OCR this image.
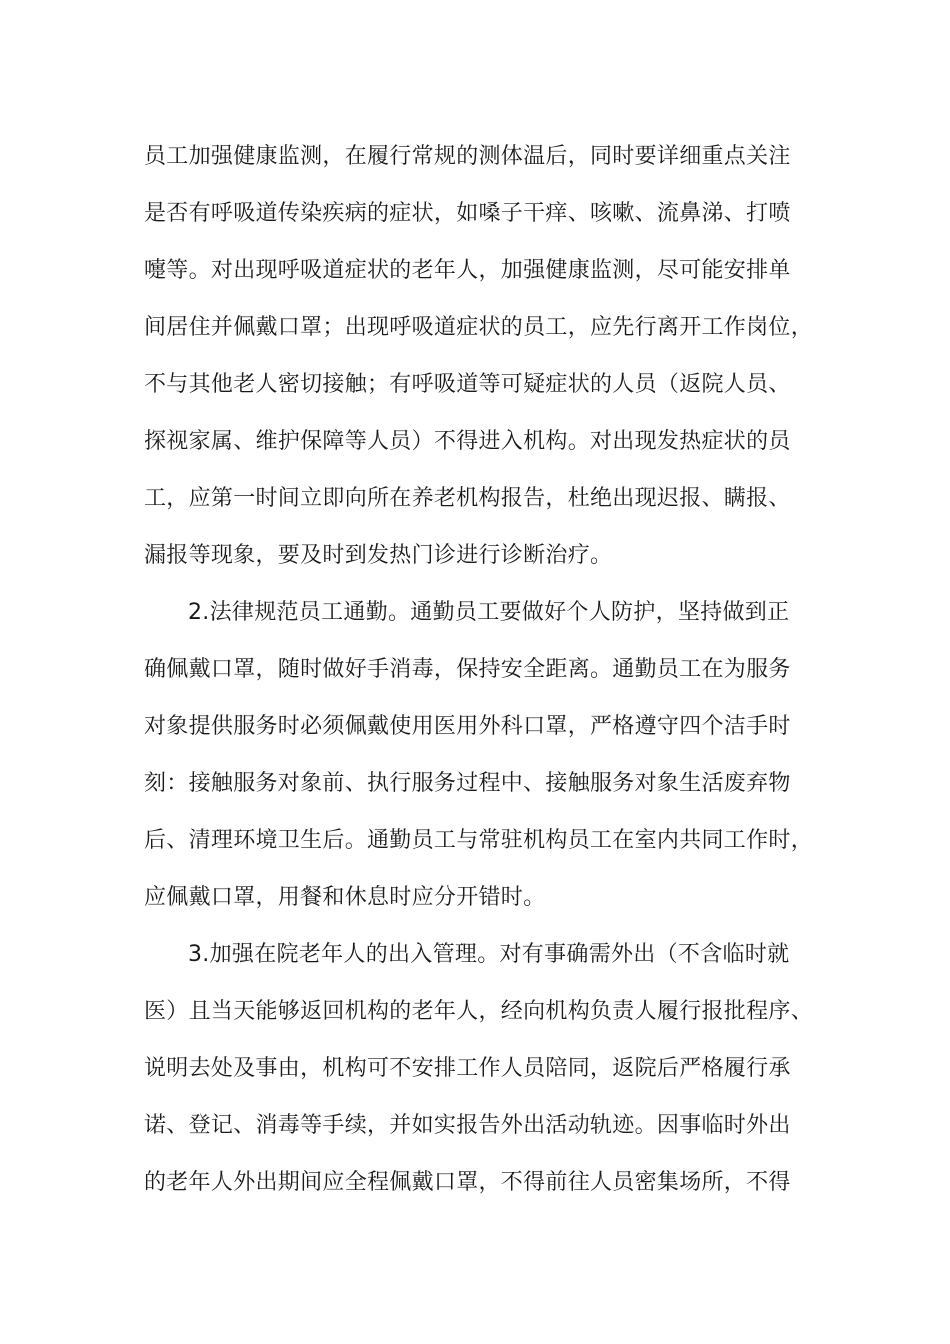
员工加强健康监测，在履行常规的测体温后，同时要详细重点关注
是否有呼吸道传染疾病的症状，如嗓子干痒、咳嗽、流鼻涕、打喷
嚏等。对出现呼吸道症状的老年人，加强健康监测，尽可能安排单
间居住并佩戴口罩；出现呼吸道症状的员工，应先行离开工作岗位，
不与其他老人密切接触；有呼吸道等可疑症状的人员（返院人员、
探视家属、维护保障等人员）不得进入机构。对出现发热症状的员
工，应第一时间立即向所在养老机构报告，杜绝出现迟报、瞒报、
漏报等现象，要及时到发热门诊进行诊断治疗。
2.法律规范员工通勤。通勤员工要做好个人防护，坚持做到正
确佩戴口罩，随时做好手消毒，保持安全距离。通勤员工在为服务
对象提供服务时必须佩戴使用医用外科口罩，严格遵守四个洁手时
刻：接触服务对象前、执行服务过程中、接触服务对象生活废弃物
后、清理环境卫生后。通勤员工与常驻机构员工在室内共同工作时，
应佩戴口罩，用餐和休息时应分开错时。
3.加强在院老年人的出入管理。对有事确需外出（不含临时就
医）且当天能够返回机构的老年人，经向机构负责人履行报批程序、
说明去处及事由，机构可不安排工作人员陪同，返院后严格履行承
诺、登记、消毒等手续，并如实报告外出活动轨迹。因事临时外出
的老年人外出期间应全程佩戴口罩，不得前往人员密集场所，不得
